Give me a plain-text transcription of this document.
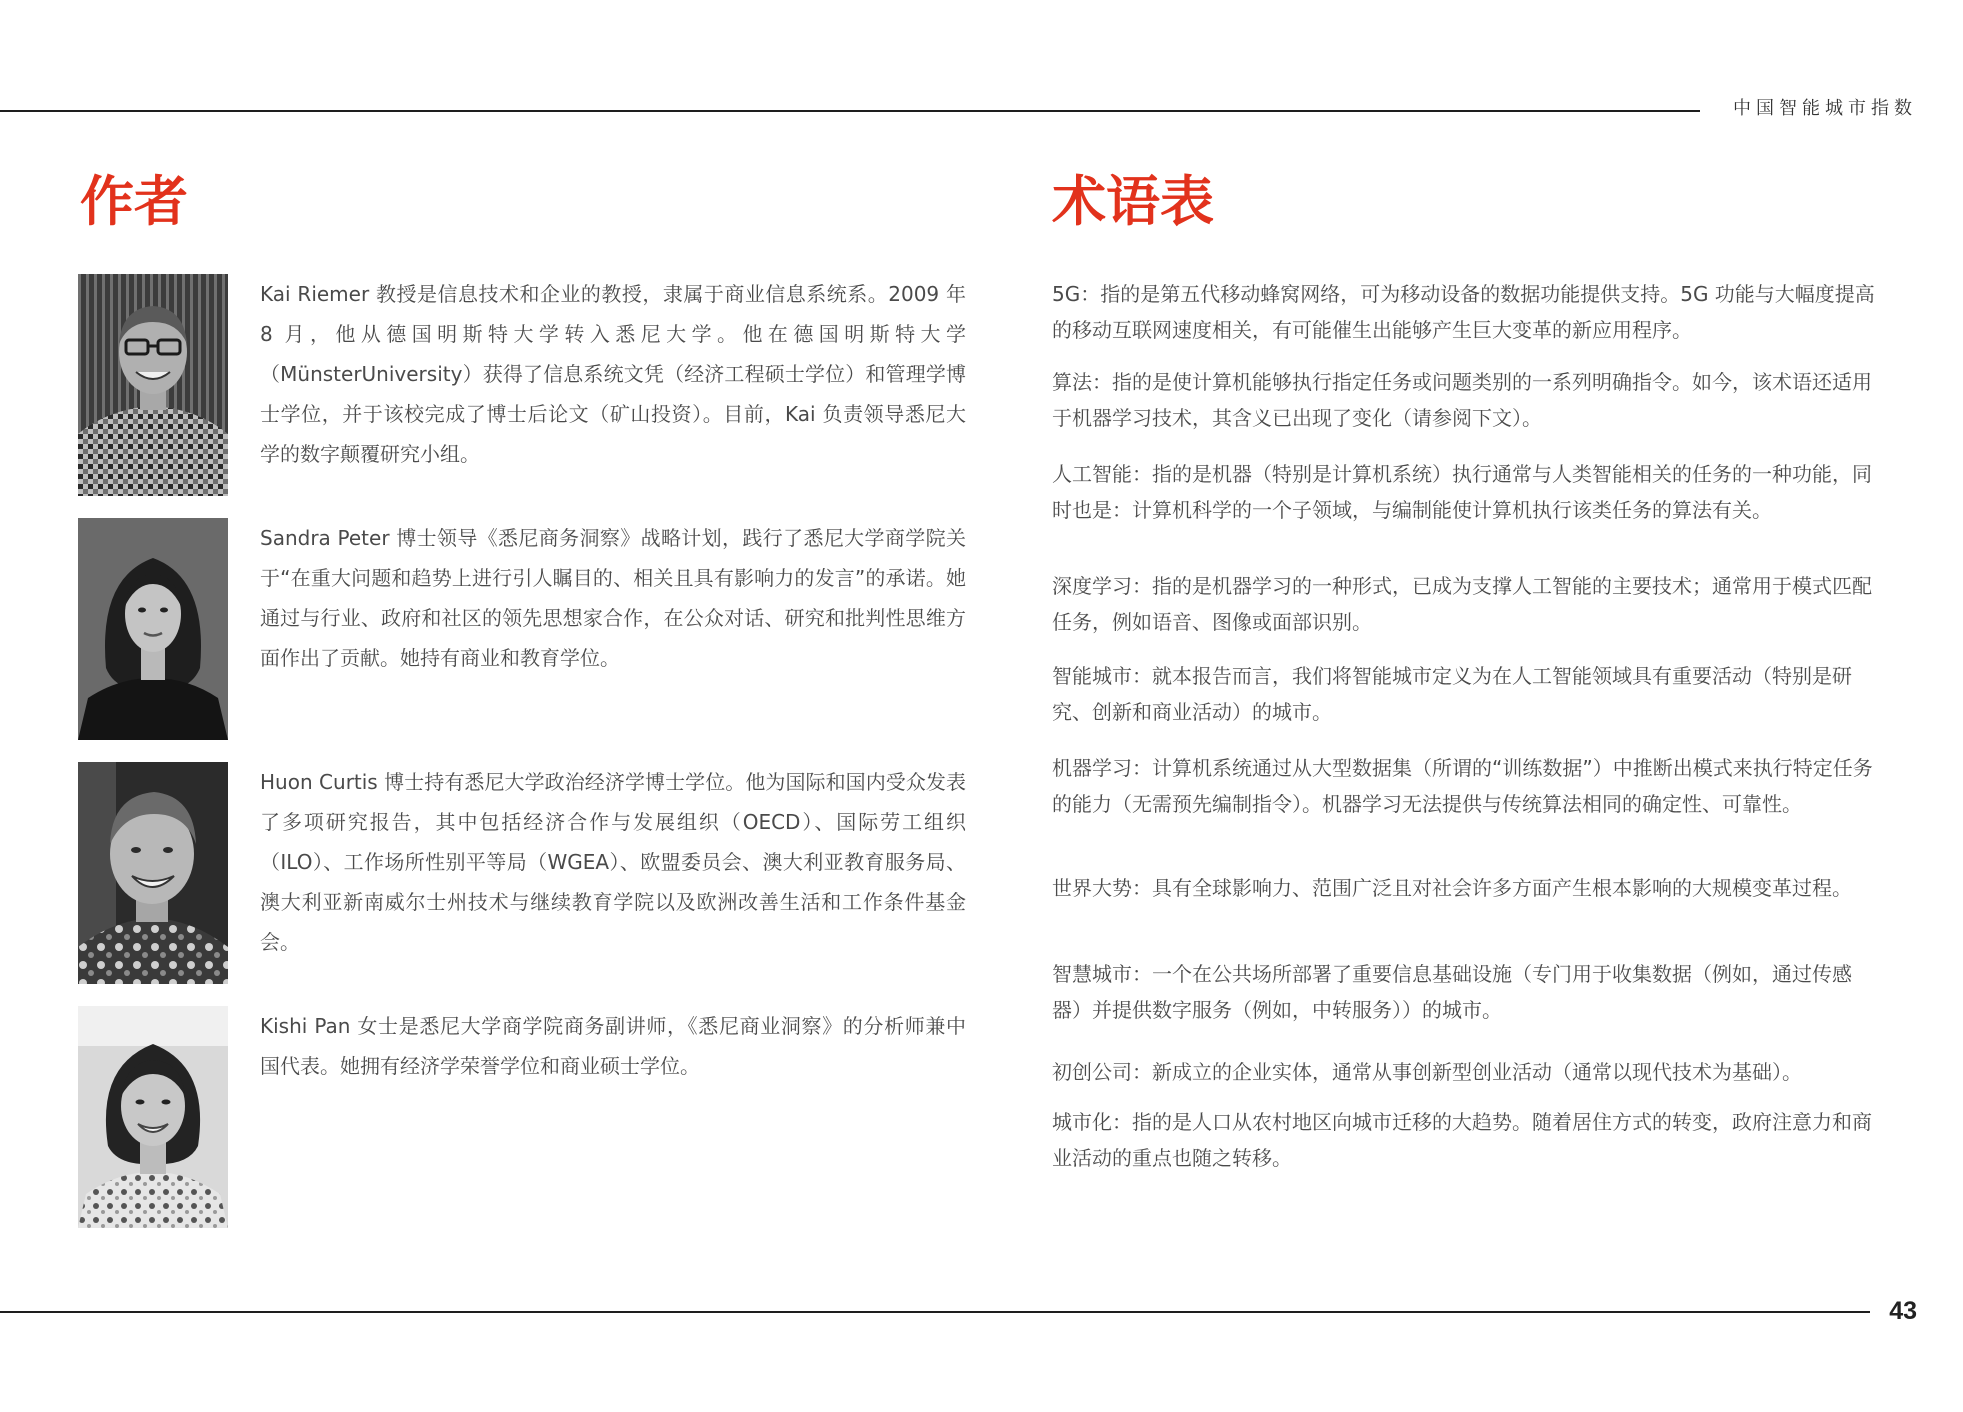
中国智能城市指数
作者	术语表

Kai Riemer 教授是信息技术和企业的教授，隶属于商业信息系统系。2009 年 8 月，他从德国明斯特大学转入悉尼大学。他在德国明斯特大学（MünsterUniversity）获得了信息系统文凭（经济工程硕士学位）和管理学博士学位，并于该校完成了博士后论文（矿山投资）。目前，Kai 负责领导悉尼大学的数字颠覆研究小组。

Sandra Peter 博士领导《悉尼商务洞察》战略计划，践行了悉尼大学商学院关于“在重大问题和趋势上进行引人瞩目的、相关且具有影响力的发言”的承诺。她通过与行业、政府和社区的领先思想家合作，在公众对话、研究和批判性思维方面作出了贡献。她持有商业和教育学位。

Huon Curtis 博士持有悉尼大学政治经济学博士学位。他为国际和国内受众发表了多项研究报告，其中包括经济合作与发展组织（OECD）、国际劳工组织（ILO）、工作场所性别平等局（WGEA）、欧盟委员会、澳大利亚教育服务局、澳大利亚新南威尔士州技术与继续教育学院以及欧洲改善生活和工作条件基金会。

Kishi Pan 女士是悉尼大学商学院商务副讲师，《悉尼商业洞察》的分析师兼中国代表。她拥有经济学荣誉学位和商业硕士学位。

5G：指的是第五代移动蜂窝网络，可为移动设备的数据功能提供支持。5G 功能与大幅度提高的移动互联网速度相关，有可能催生出能够产生巨大变革的新应用程序。

算法：指的是使计算机能够执行指定任务或问题类别的一系列明确指令。如今，该术语还适用于机器学习技术，其含义已出现了变化（请参阅下文）。

人工智能：指的是机器（特别是计算机系统）执行通常与人类智能相关的任务的一种功能，同时也是：计算机科学的一个子领域，与编制能使计算机执行该类任务的算法有关。

深度学习：指的是机器学习的一种形式，已成为支撑人工智能的主要技术；通常用于模式匹配任务，例如语音、图像或面部识别。

智能城市：就本报告而言，我们将智能城市定义为在人工智能领域具有重要活动（特别是研究、创新和商业活动）的城市。

机器学习：计算机系统通过从大型数据集（所谓的“训练数据”）中推断出模式来执行特定任务的能力（无需预先编制指令）。机器学习无法提供与传统算法相同的确定性、可靠性。

世界大势：具有全球影响力、范围广泛且对社会许多方面产生根本影响的大规模变革过程。

智慧城市：一个在公共场所部署了重要信息基础设施（专门用于收集数据（例如，通过传感器）并提供数字服务（例如，中转服务））的城市。

初创公司：新成立的企业实体，通常从事创新型创业活动（通常以现代技术为基础）。

城市化：指的是人口从农村地区向城市迁移的大趋势。随着居住方式的转变，政府注意力和商业活动的重点也随之转移。

43
